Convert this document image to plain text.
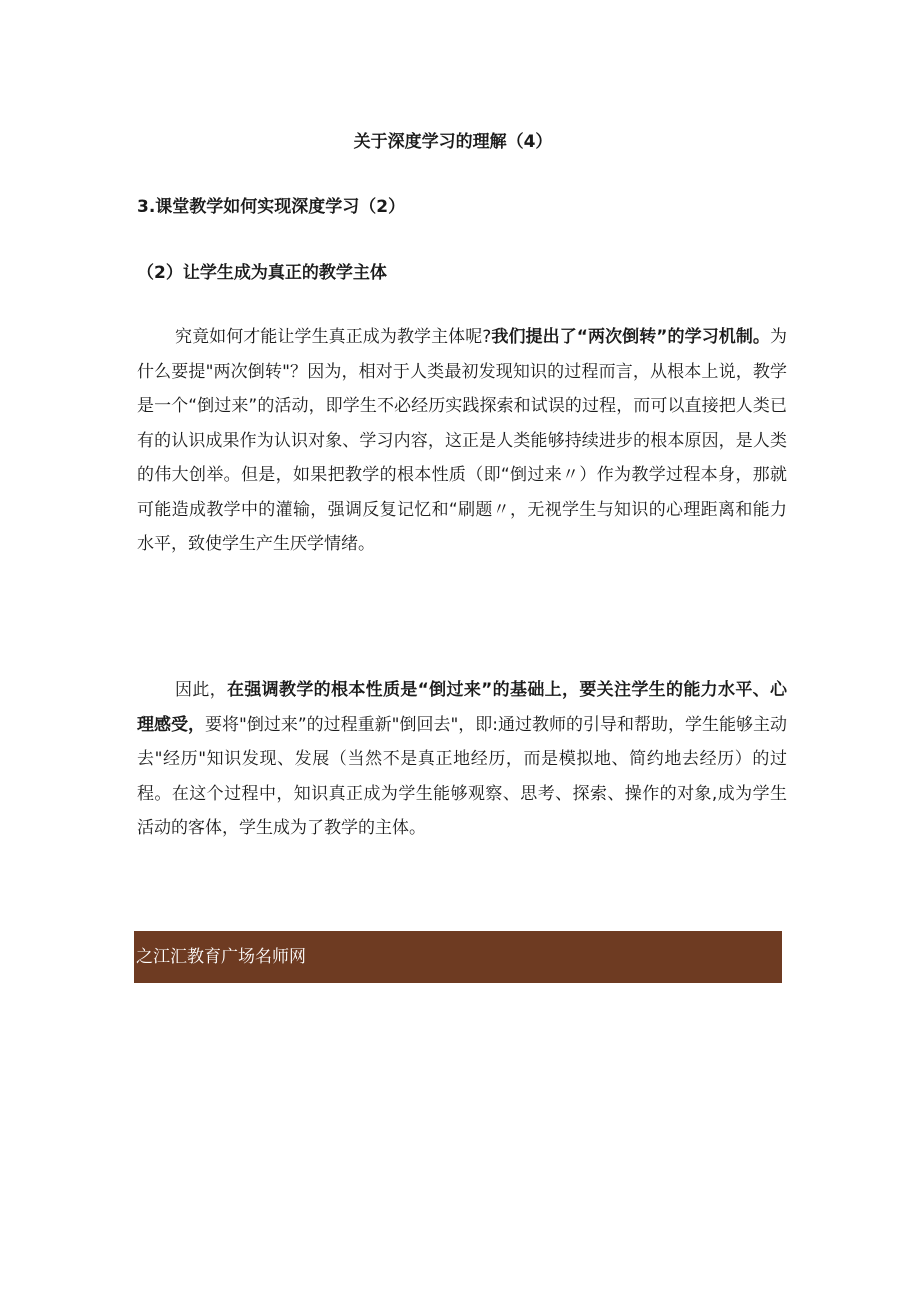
关于深度学习的理解（4）
3.课堂教学如何实现深度学习（2）
（2）让学生成为真正的教学主体

究竟如何才能让学生真正成为教学主体呢?我们提出了“两次倒转”的学习机制。为什么要提"两次倒转"？因为，相对于人类最初发现知识的过程而言，从根本上说，教学是一个“倒过来”的活动，即学生不必经历实践探索和试误的过程，而可以直接把人类已有的认识成果作为认识对象、学习内容，这正是人类能够持续进步的根本原因，是人类的伟大创举。但是，如果把教学的根本性质（即“倒过来〃）作为教学过程本身，那就可能造成教学中的灌输，强调反复记忆和“刷题〃，无视学生与知识的心理距离和能力水平，致使学生产生厌学情绪。

因此，在强调教学的根本性质是“倒过来”的基础上，要关注学生的能力水平、心理感受，要将"倒过来”的过程重新"倒回去"，即:通过教师的引导和帮助，学生能够主动去"经历"知识发现、发展（当然不是真正地经历，而是模拟地、简约地去经历）的过程。在这个过程中，知识真正成为学生能够观察、思考、探索、操作的对象,成为学生活动的客体，学生成为了教学的主体。

之江汇教育广场名师网
